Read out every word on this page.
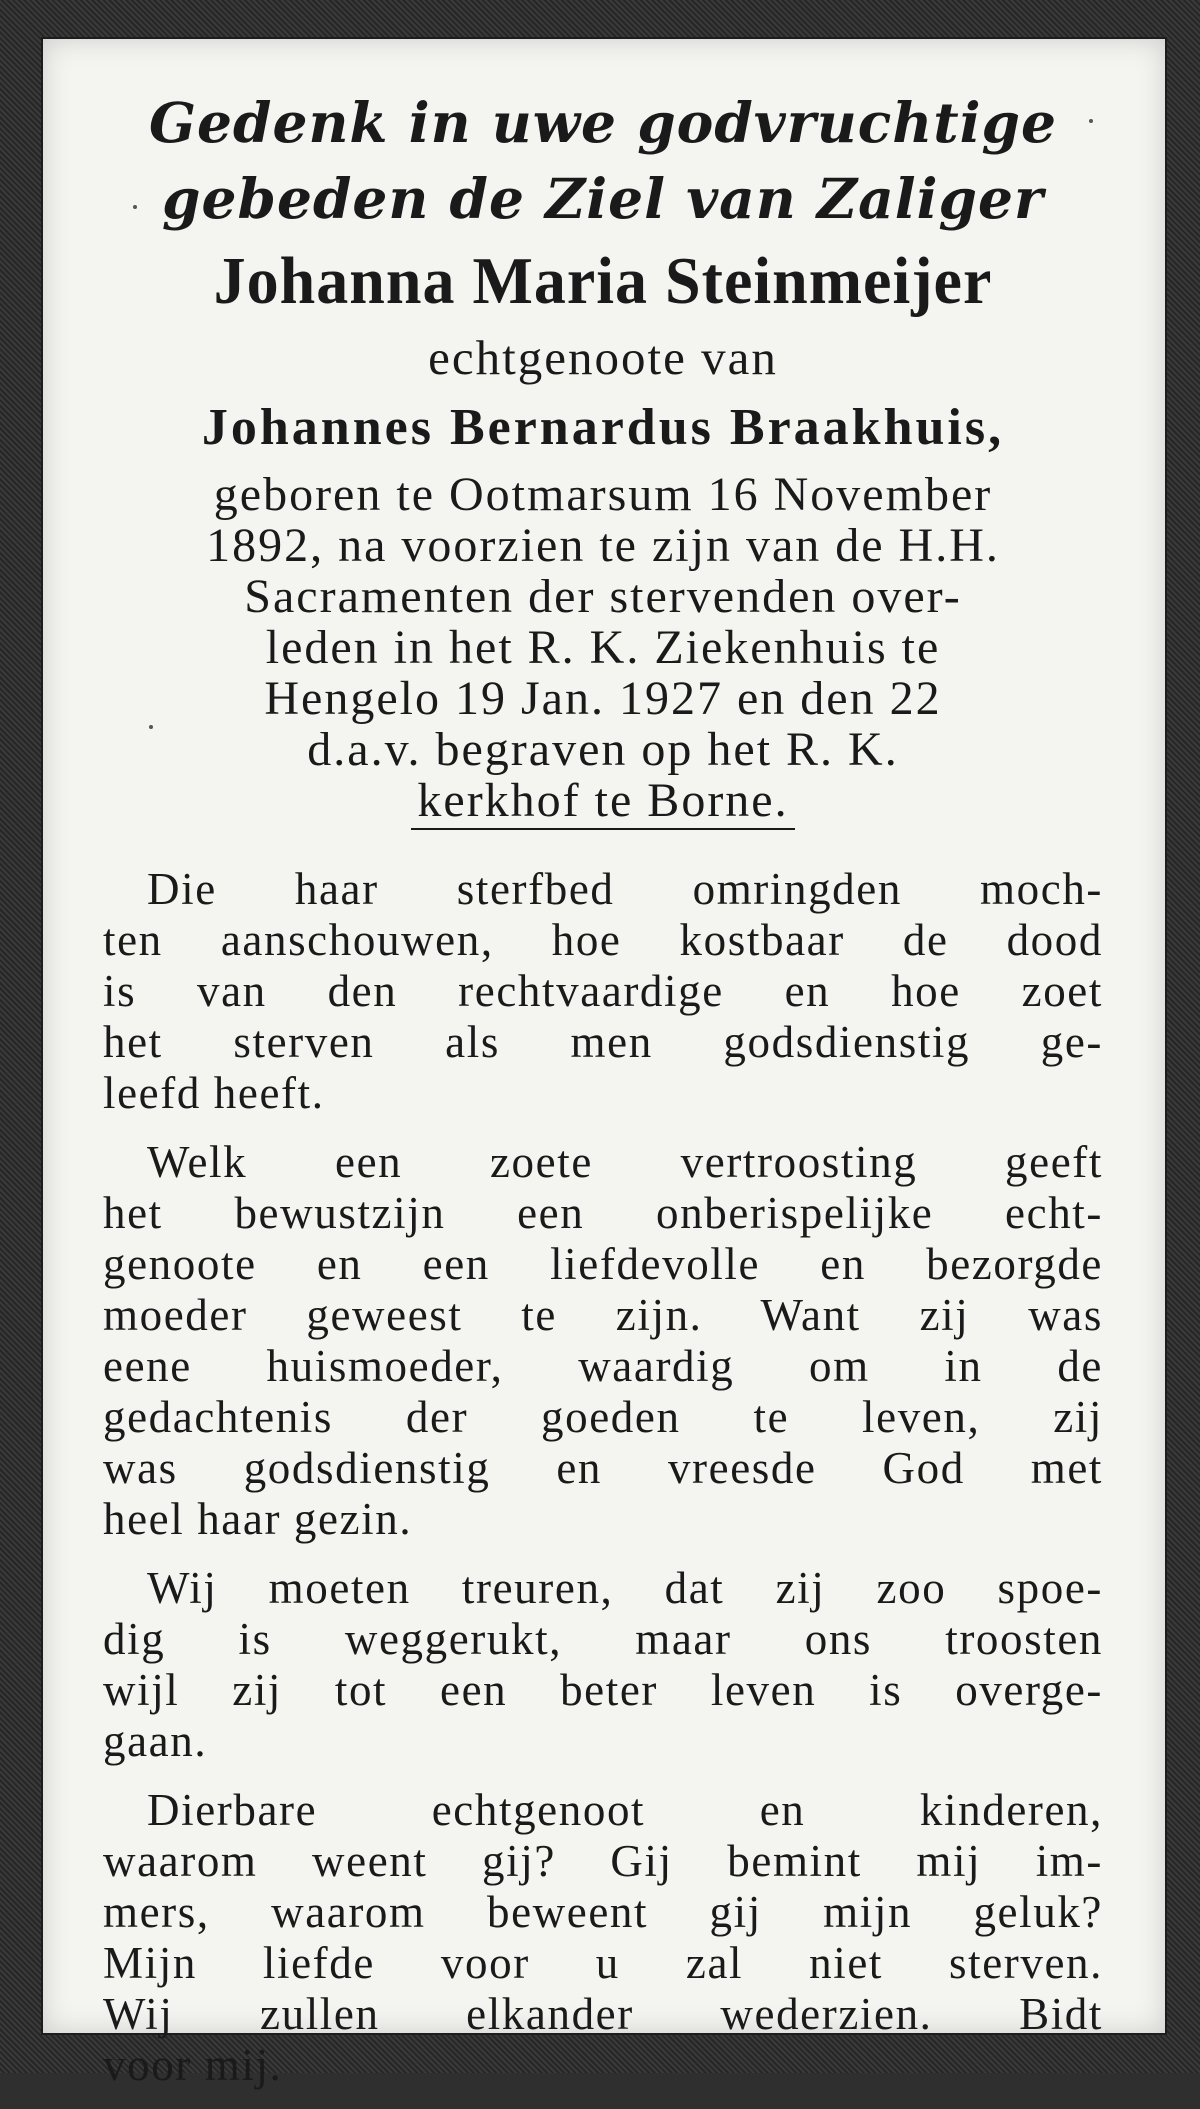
Gedenk in uwe godvruchtige
gebeden de Ziel van Zaliger
Johanna Maria Steinmeijer
echtgenoote van
Johannes Bernardus Braakhuis,
geboren te Ootmarsum 16 November
1892, na voorzien te zijn van de H.H.
Sacramenten der stervenden over-
leden in het R. K. Ziekenhuis te
Hengelo 19 Jan. 1927 en den 22
d.a.v. begraven op het R. K.
kerkhof te Borne.
Die haar sterfbed omringden moch-
ten aanschouwen, hoe kostbaar de dood
is van den rechtvaardige en hoe zoet
het sterven als men godsdienstig ge-
leefd heeft.
Welk een zoete vertroosting geeft
het bewustzijn een onberispelijke echt-
genoote en een liefdevolle en bezorgde
moeder geweest te zijn. Want zij was
eene huismoeder, waardig om in de
gedachtenis der goeden te leven, zij
was godsdienstig en vreesde God met
heel haar gezin.
Wij moeten treuren, dat zij zoo spoe-
dig is weggerukt, maar ons troosten
wijl zij tot een beter leven is overge-
gaan.
Dierbare echtgenoot en kinderen,
waarom weent gij? Gij bemint mij im-
mers, waarom beweent gij mijn geluk?
Mijn liefde voor u zal niet sterven.
Wij zullen elkander wederzien. Bidt
voor mij.
